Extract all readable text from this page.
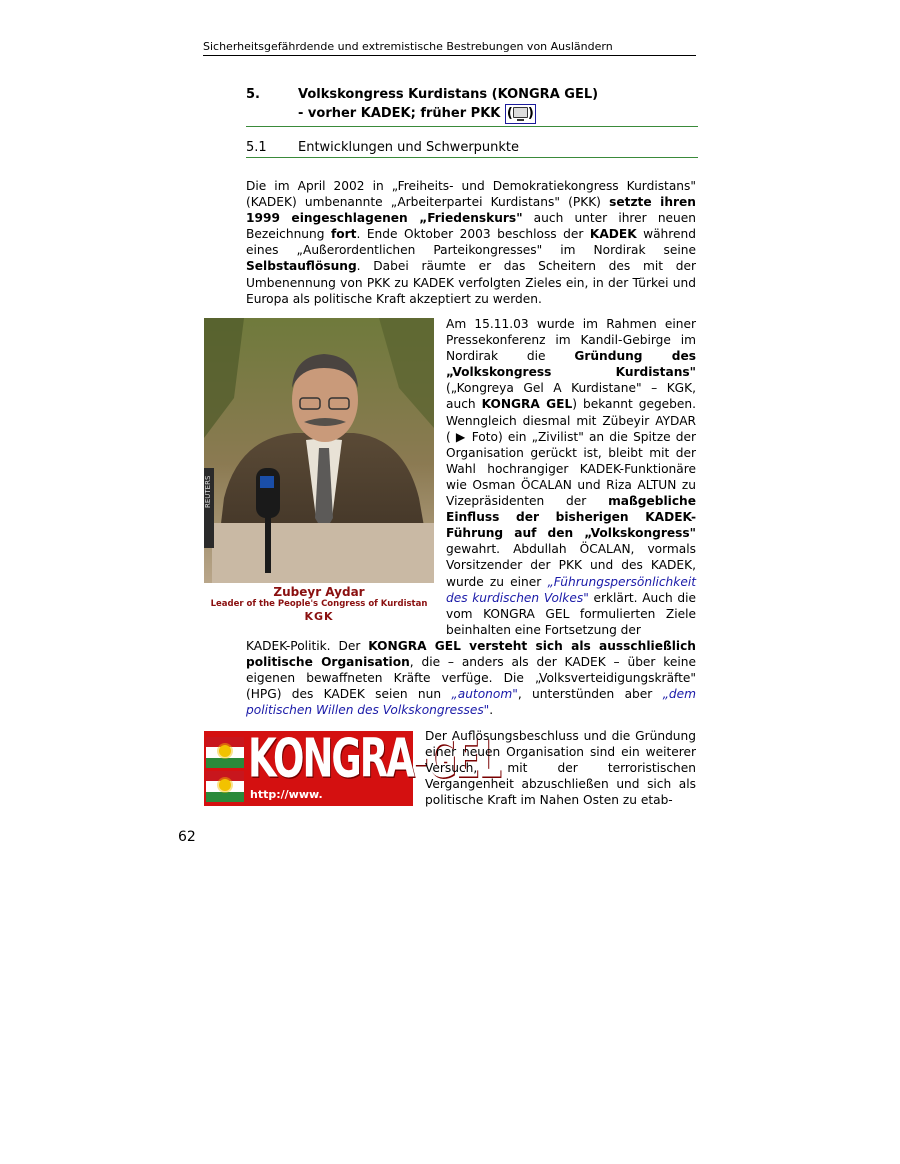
Sicherheitsgefährdende und extremistische Bestrebungen von Ausländern
5.	Volkskongress Kurdistans (KONGRA GEL)
- vorher KADEK; früher PKK ( )
5.1 Entwicklungen und Schwerpunkte
Die im April 2002 in „Freiheits- und Demokratiekongress Kurdistans" (KADEK) umbenannte „Arbeiterpartei Kurdistans" (PKK) setzte ihren 1999 eingeschlagenen „Friedenskurs" auch unter ihrer neuen Bezeichnung fort. Ende Oktober 2003 beschloss der KADEK während eines „Außerordentlichen Parteikongresses" im Nordirak seine Selbstauflösung. Dabei räumte er das Scheitern des mit der Umbenennung von PKK zu KADEK verfolgten Zieles ein, in der Türkei und Europa als politische Kraft akzeptiert zu werden.
REUTERS
Zubeyr Aydar
Leader of the People's Congress of Kurdistan
KGK
Am 15.11.03 wurde im Rahmen einer Pressekonferenz im Kandil-Gebirge im Nordirak die Gründung des „Volkskongress Kurdistans" („Kongreya Gel A Kurdistane" – KGK, auch KONGRA GEL) bekannt gegeben. Wenngleich diesmal mit Zübeyir AYDAR ( ▶ Foto) ein „Zivilist" an die Spitze der Organisation gerückt ist, bleibt mit der Wahl hochrangiger KADEK-Funktionäre wie Osman ÖCALAN und Riza ALTUN zu Vizepräsidenten der maßgebliche Einfluss der bisherigen KADEK-Führung auf den „Volkskongress" gewahrt. Abdullah ÖCALAN, vormals Vorsitzender der PKK und des KADEK, wurde zu einer „Führungspersönlichkeit des kurdischen Volkes" erklärt. Auch die vom KONGRA GEL formulierten Ziele beinhalten eine Fortsetzung der
KADEK-Politik. Der KONGRA GEL versteht sich als ausschließlich politische Organisation, die – anders als der KADEK – über keine eigenen bewaffneten Kräfte verfüge. Die „Volksverteidigungskräfte" (HPG) des KADEK seien nun „autonom", unterstünden aber „dem politischen Willen des Volkskongresses".
KONGRA-GEL
http://www.
Der Auflösungsbeschluss und die Gründung einer neuen Organisation sind ein weiterer Versuch, mit der terroristischen Vergangenheit abzuschließen und sich als politische Kraft im Nahen Osten zu etab-
62
